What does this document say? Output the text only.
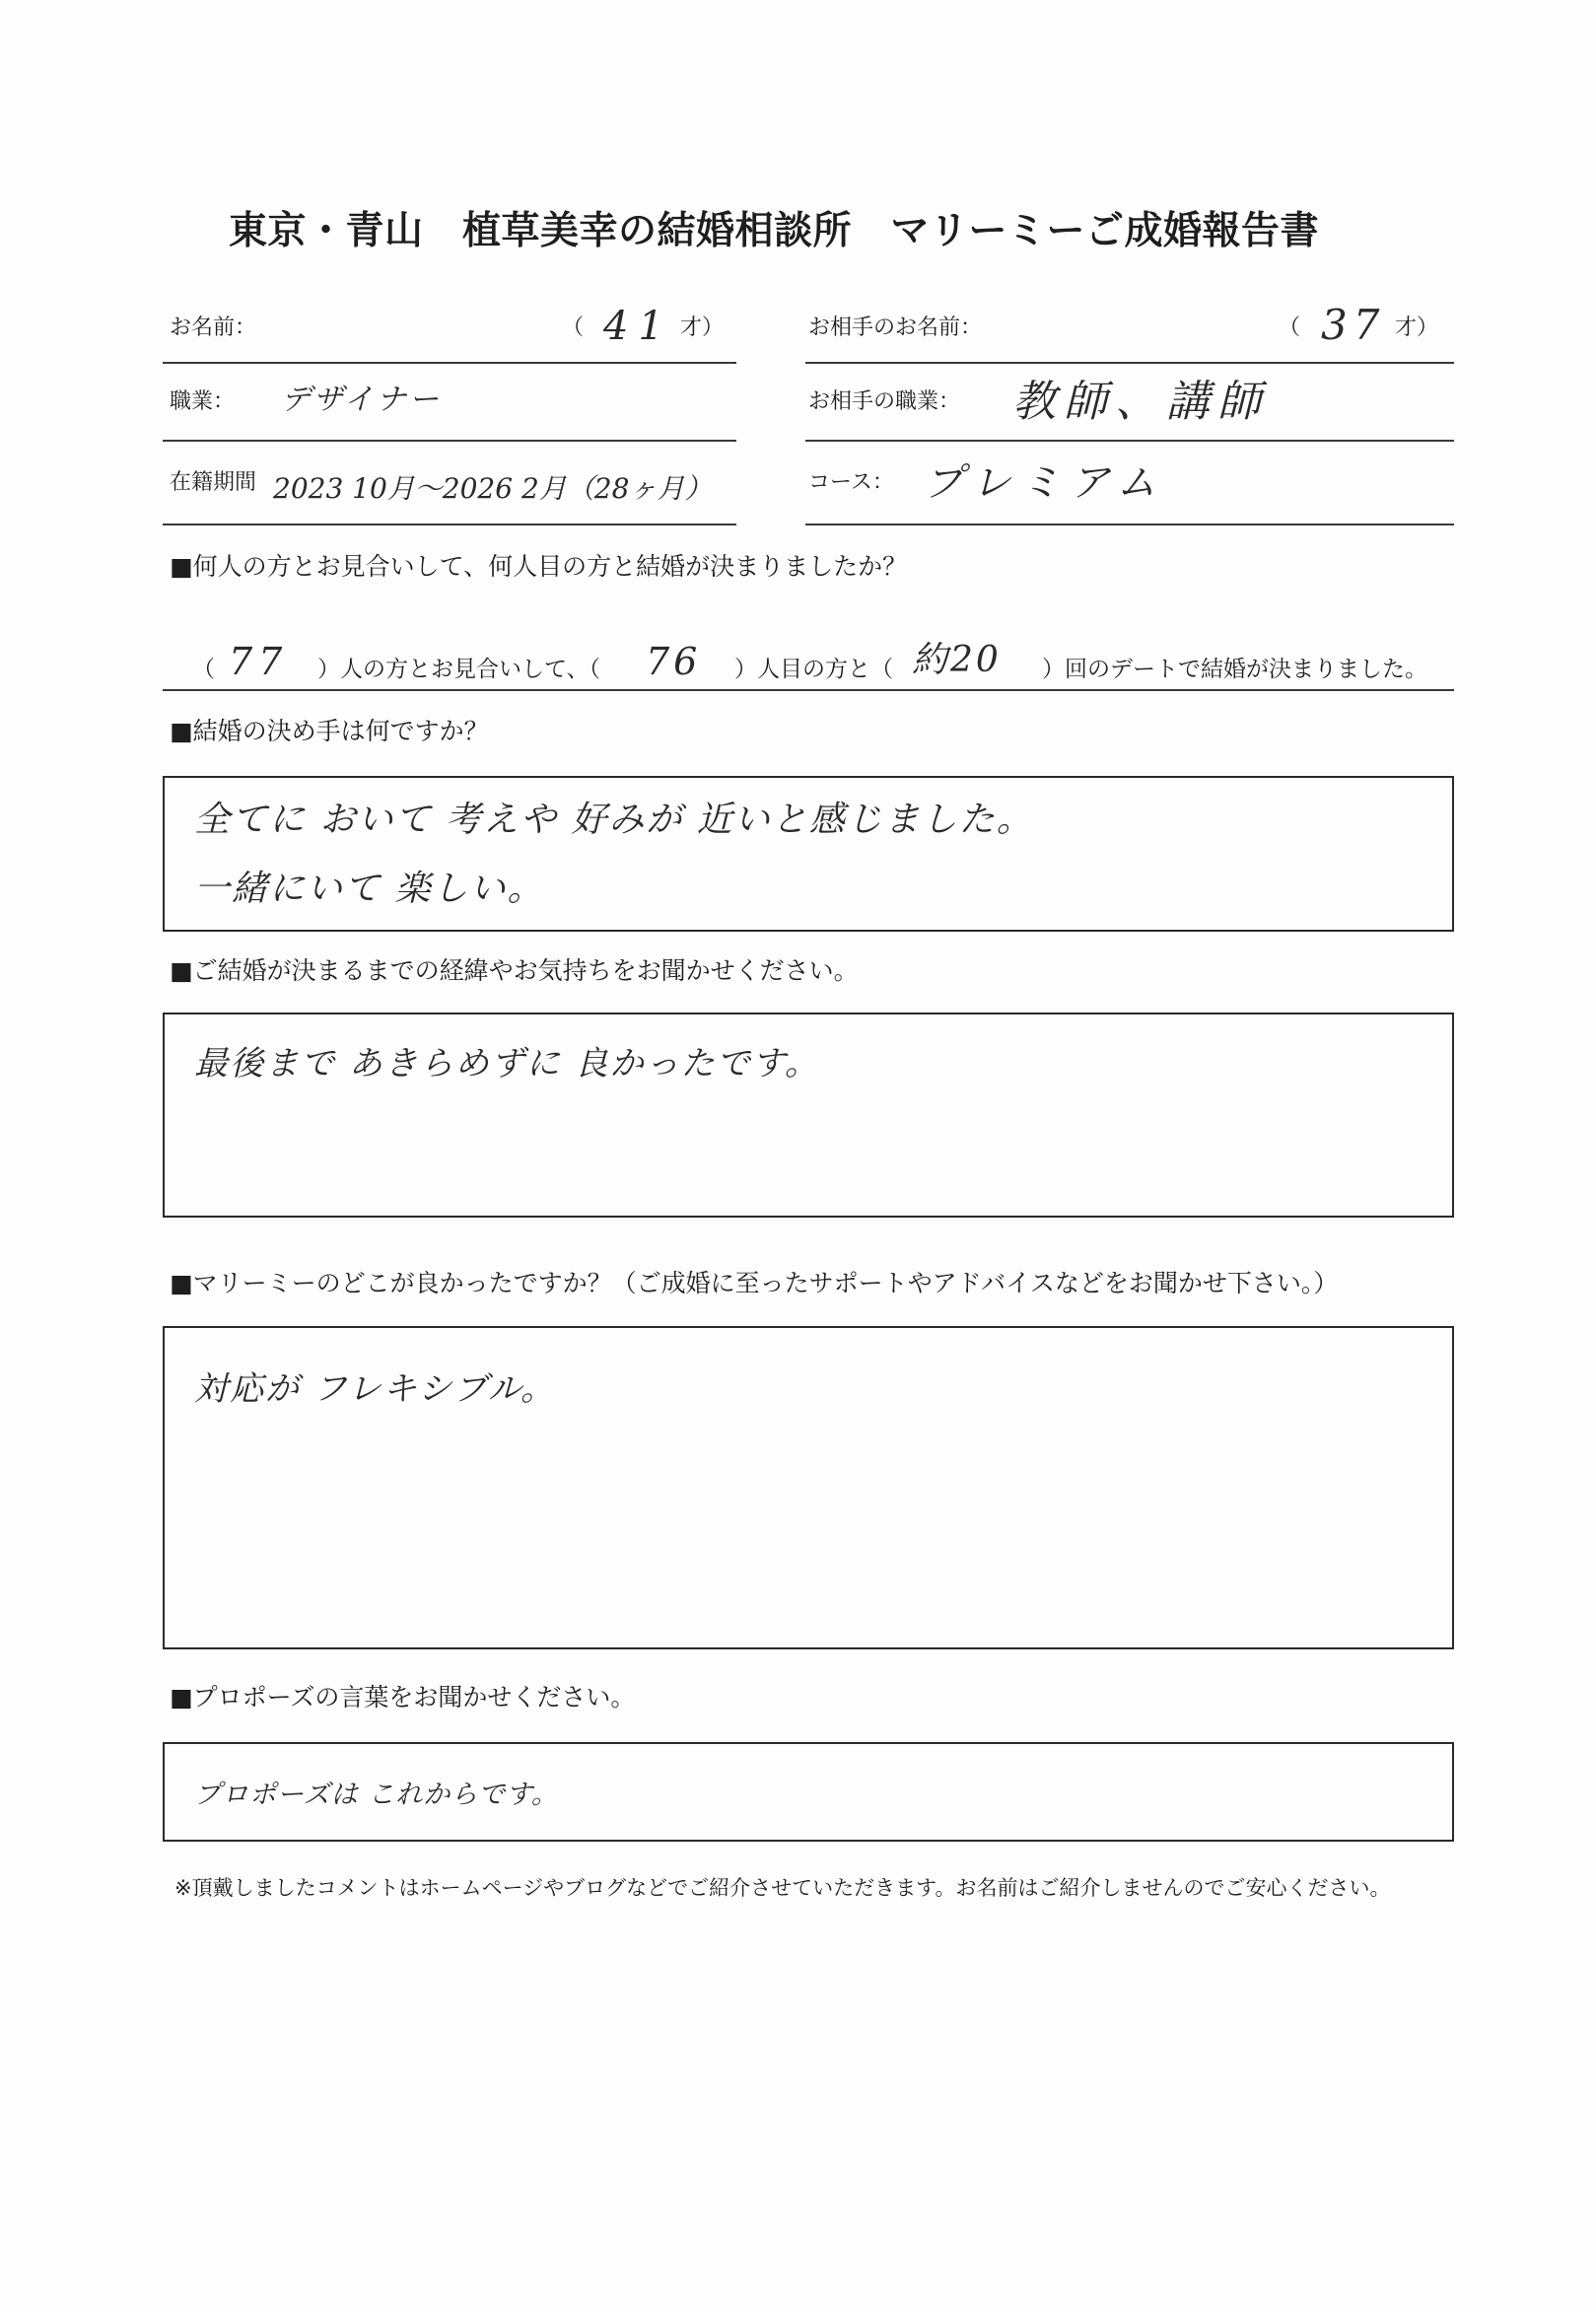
東京・青山　植草美幸の結婚相談所　マリーミーご成婚報告書
お名前：	（ 41 才）	お相手のお名前：	（ 37 才）
職業： デザイナー	お相手の職業： 教師、講師
在籍期間 2023 10月〜2026 2月（28ヶ月）	コース： プレミアム
■何人の方とお見合いして、何人目の方と結婚が決まりましたか？
（ 77 ）人の方とお見合いして、（ 76 ）人目の方と（ 約20 ）回のデートで結婚が決まりました。
■結婚の決め手は何ですか？
全てに おいて 考えや 好みが 近いと感じました。
一緒にいて 楽しい。
■ご結婚が決まるまでの経緯やお気持ちをお聞かせください。
最後まで あきらめずに 良かったです。
■マリーミーのどこが良かったですか？（ご成婚に至ったサポートやアドバイスなどをお聞かせ下さい。）
対応が フレキシブル。
■プロポーズの言葉をお聞かせください。
プロポーズは これからです。
※頂戴しましたコメントはホームページやブログなどでご紹介させていただきます。お名前はご紹介しませんのでご安心ください。
